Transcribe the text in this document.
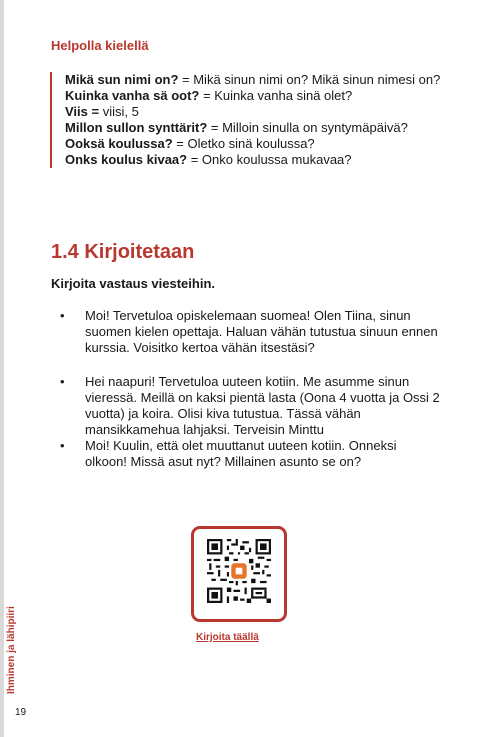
Ihminen ja lähipiiri
19
Helpolla kielellä

Mikä sun nimi on? = Mikä sinun nimi on? Mikä sinun nimesi on?

Kuinka vanha sä oot? = Kuinka vanha sinä olet?

Viis = viisi, 5

Millon sullon synttärit? = Milloin sinulla on syntymäpäivä?

Ooksä koulussa? = Oletko sinä koulussa?

Onks koulus kivaa? = Onko koulussa mukavaa?

1.4 Kirjoitetaan
Kirjoita vastaus viesteihin.
• Moi! Tervetuloa opiskelemaan suomea! Olen Tiina, sinun suomen kielen opettaja. Haluan vähän tutustua sinuun ennen kurssia. Voisitko kertoa vähän itsestäsi?
• Hei naapuri! Tervetuloa uuteen kotiin. Me asumme sinun vieressä. Meillä on kaksi pientä lasta (Oona 4 vuotta ja Ossi 2 vuotta) ja koira. Olisi kiva tutustua. Tässä vähän mansikkamehua lahjaksi. Terveisin Minttu
• Moi! Kuulin, että olet muuttanut uuteen kotiin. Onneksi olkoon! Missä asut nyt? Millainen asunto se on?
Kirjoita täällä
